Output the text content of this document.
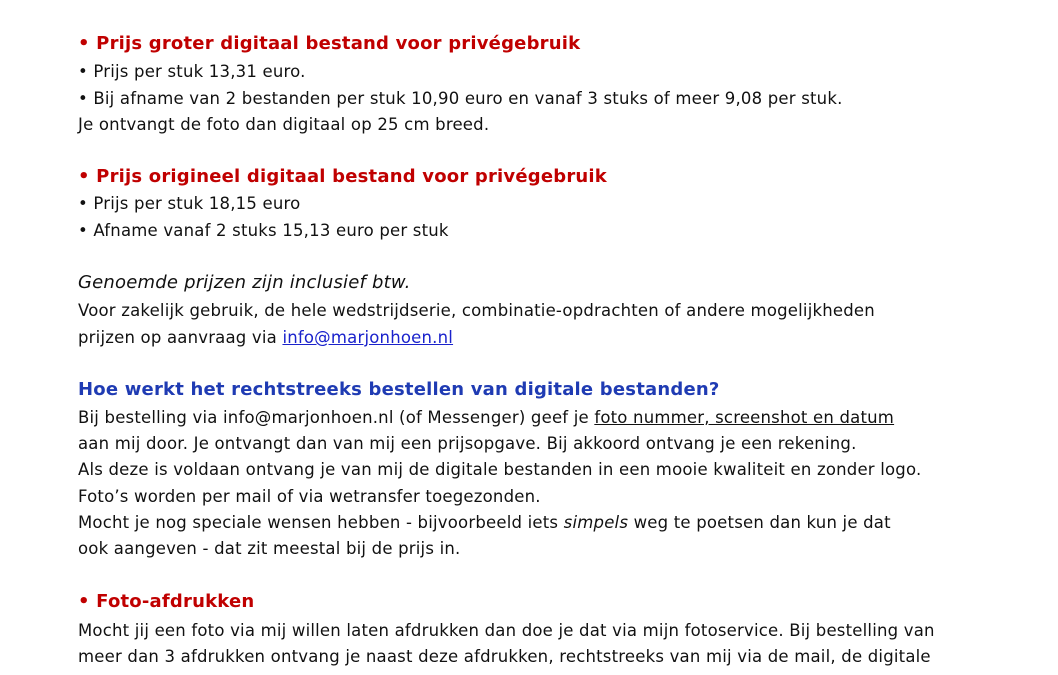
• Prijs groter digitaal bestand voor privégebruik
• Prijs per stuk 13,31 euro.
• Bij afname van 2 bestanden per stuk 10,90 euro en vanaf 3 stuks of meer 9,08 per stuk.
Je ontvangt de foto dan digitaal op 25 cm breed.
• Prijs origineel digitaal bestand voor privégebruik
• Prijs per stuk 18,15 euro
• Afname vanaf 2 stuks 15,13 euro per stuk
Genoemde prijzen zijn inclusief btw.
Voor zakelijk gebruik, de hele wedstrijdserie, combinatie-opdrachten of andere mogelijkheden
prijzen op aanvraag via info@marjonhoen.nl
Hoe werkt het rechtstreeks bestellen van digitale bestanden?
Bij bestelling via info@marjonhoen.nl (of Messenger) geef je foto nummer, screenshot en datum
aan mij door. Je ontvangt dan van mij een prijsopgave. Bij akkoord ontvang je een rekening.
Als deze is voldaan ontvang je van mij de digitale bestanden in een mooie kwaliteit en zonder logo.
Foto’s worden per mail of via wetransfer toegezonden.
Mocht je nog speciale wensen hebben - bijvoorbeeld iets simpels weg te poetsen dan kun je dat
ook aangeven - dat zit meestal bij de prijs in.
• Foto-afdrukken
Mocht jij een foto via mij willen laten afdrukken dan doe je dat via mijn fotoservice. Bij bestelling van
meer dan 3 afdrukken ontvang je naast deze afdrukken, rechtstreeks van mij via de mail, de digitale
